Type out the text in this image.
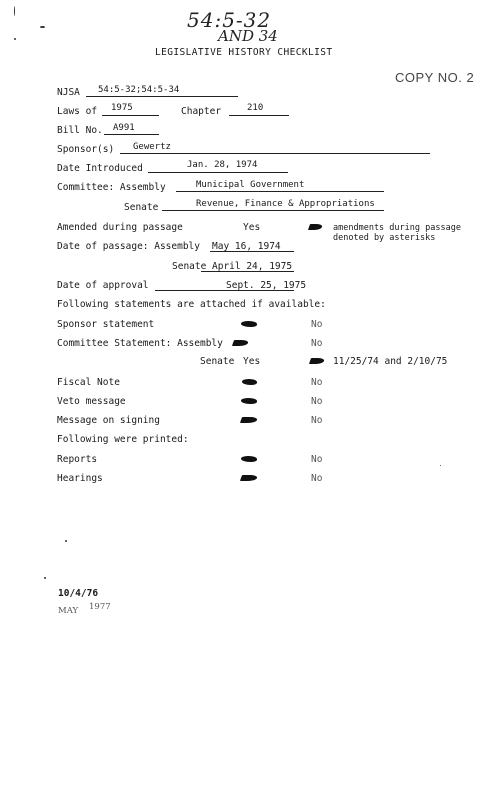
54:5-32
AND 34
LEGISLATIVE HISTORY CHECKLIST
COPY NO. 2
NJSA 54:5-32;54:5-34
Laws of 1975	Chapter	210
Bill No. A991
Sponsor(s) Gewertz
Date Introduced	Jan. 28, 1974
Committee: Assembly	Municipal Government
Senate	Revenue, Finance & Appropriations
Amended during passage	Yes	amendments during passage
denoted by asterisks
Date of passage: Assembly May 16, 1974
Senate April 24, 1975
Date of approval	Sept. 25, 1975
Following statements are attached if available:
Sponsor statement	No
Committee Statement: Assembly	No
Senate Yes	11/25/74 and 2/10/75
Fiscal Note	No
Veto message	No
Message on signing	No
Following were printed:
Reports	No
Hearings	No
10/4/76
MAY 1977
